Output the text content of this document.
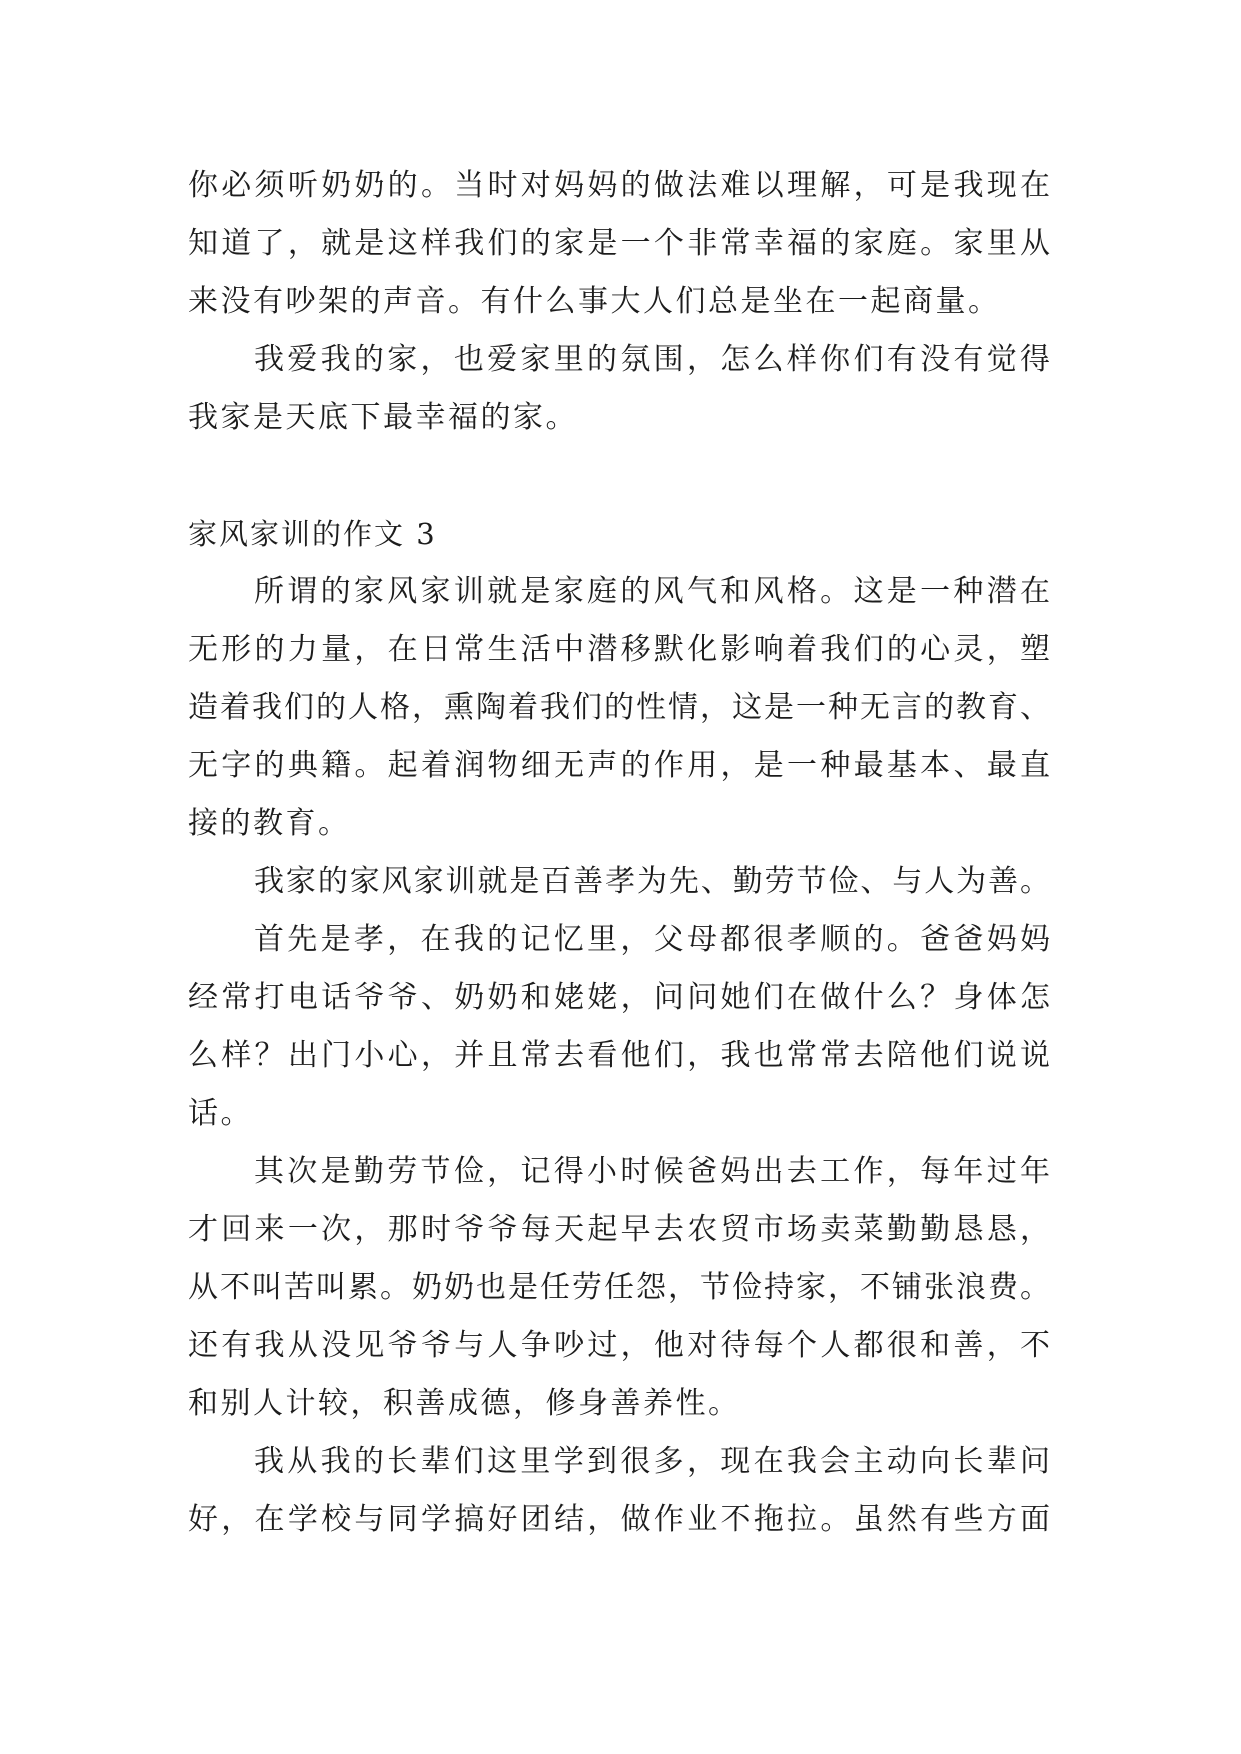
你必须听奶奶的。当时对妈妈的做法难以理解，可是我现在
知道了，就是这样我们的家是一个非常幸福的家庭。家里从
来没有吵架的声音。有什么事大人们总是坐在一起商量。
我爱我的家，也爱家里的氛围，怎么样你们有没有觉得
我家是天底下最幸福的家。
家风家训的作文 3
所谓的家风家训就是家庭的风气和风格。这是一种潜在
无形的力量，在日常生活中潜移默化影响着我们的心灵，塑
造着我们的人格，熏陶着我们的性情，这是一种无言的教育、
无字的典籍。起着润物细无声的作用，是一种最基本、最直
接的教育。
我家的家风家训就是百善孝为先、勤劳节俭、与人为善。
首先是孝，在我的记忆里，父母都很孝顺的。爸爸妈妈
经常打电话爷爷、奶奶和姥姥，问问她们在做什么？身体怎
么样？出门小心，并且常去看他们，我也常常去陪他们说说
话。
其次是勤劳节俭，记得小时候爸妈出去工作，每年过年
才回来一次，那时爷爷每天起早去农贸市场卖菜勤勤恳恳，
从不叫苦叫累。奶奶也是任劳任怨，节俭持家，不铺张浪费。
还有我从没见爷爷与人争吵过，他对待每个人都很和善，不
和别人计较，积善成德，修身善养性。
我从我的长辈们这里学到很多，现在我会主动向长辈问
好，在学校与同学搞好团结，做作业不拖拉。虽然有些方面
